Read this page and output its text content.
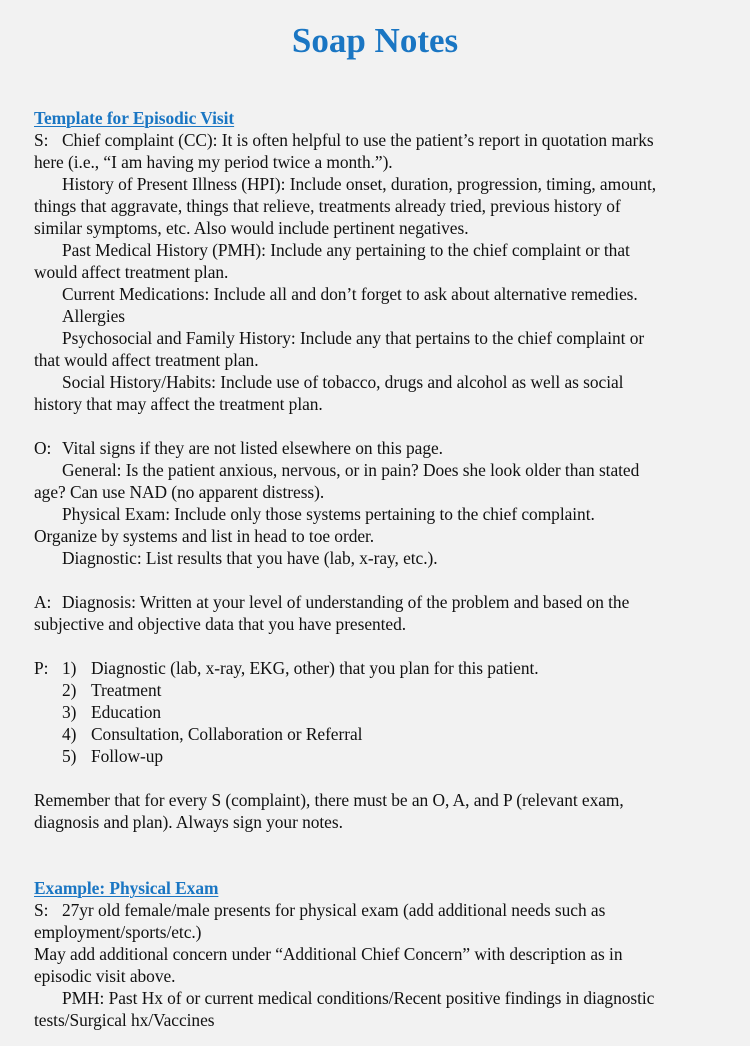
Soap Notes
Template for Episodic Visit
S: Chief complaint (CC): It is often helpful to use the patient’s report in quotation marks
here (i.e., “I am having my period twice a month.”).
History of Present Illness (HPI): Include onset, duration, progression, timing, amount,
things that aggravate, things that relieve, treatments already tried, previous history of
similar symptoms, etc. Also would include pertinent negatives.
Past Medical History (PMH): Include any pertaining to the chief complaint or that
would affect treatment plan.
Current Medications: Include all and don’t forget to ask about alternative remedies.
Allergies
Psychosocial and Family History: Include any that pertains to the chief complaint or
that would affect treatment plan.
Social History/Habits: Include use of tobacco, drugs and alcohol as well as social
history that may affect the treatment plan.
O: Vital signs if they are not listed elsewhere on this page.
General: Is the patient anxious, nervous, or in pain? Does she look older than stated
age? Can use NAD (no apparent distress).
Physical Exam: Include only those systems pertaining to the chief complaint.
Organize by systems and list in head to toe order.
Diagnostic: List results that you have (lab, x-ray, etc.).
A: Diagnosis: Written at your level of understanding of the problem and based on the
subjective and objective data that you have presented.
P: 1) Diagnostic (lab, x-ray, EKG, other) that you plan for this patient.
2) Treatment
3) Education
4) Consultation, Collaboration or Referral
5) Follow-up
Remember that for every S (complaint), there must be an O, A, and P (relevant exam,
diagnosis and plan). Always sign your notes.
Example: Physical Exam
S: 27yr old female/male presents for physical exam (add additional needs such as
employment/sports/etc.)
May add additional concern under “Additional Chief Concern” with description as in
episodic visit above.
PMH: Past Hx of or current medical conditions/Recent positive findings in diagnostic
tests/Surgical hx/Vaccines
